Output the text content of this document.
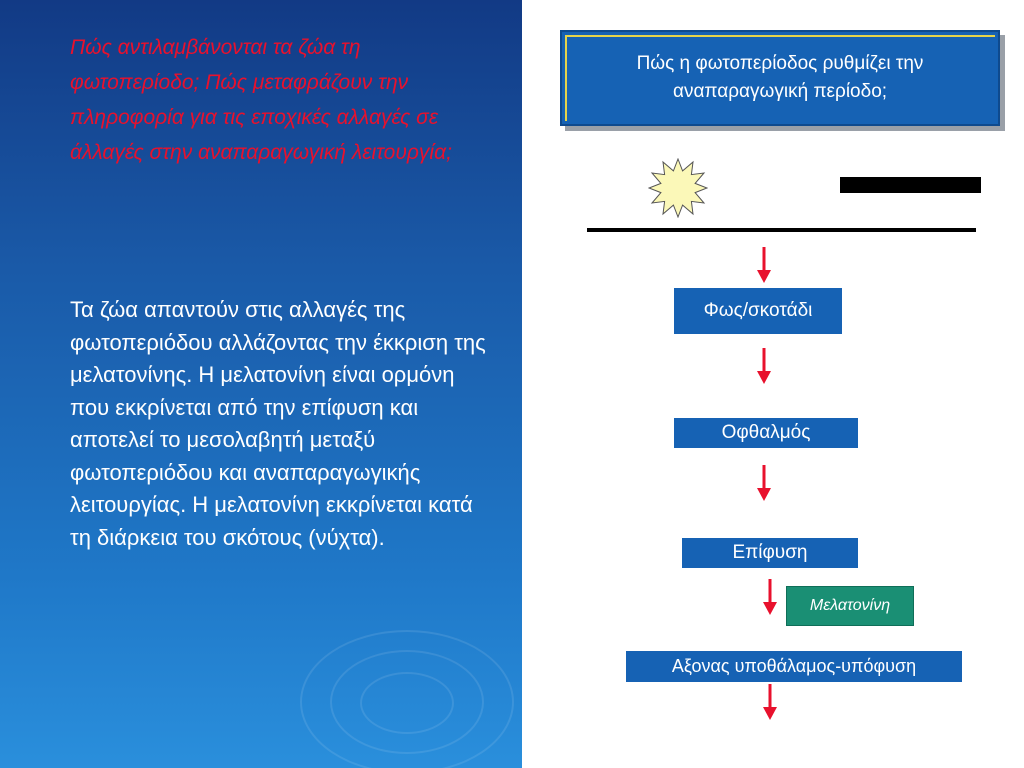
Πώς αντιλαμβάνονται τα ζώα τη φωτοπερίοδο; Πώς μεταφράζουν την πληροφορία για τις εποχικές αλλαγές σε άλλαγές στην αναπαραγωγική λειτουργία;

Τα ζώα απαντούν στις αλλαγές της φωτοπεριόδου αλλάζοντας την έκκριση της μελατονίνης. Η μελατονίνη είναι ορμόνη που εκκρίνεται από την επίφυση και αποτελεί το μεσολαβητή μεταξύ φωτοπεριόδου και αναπαραγωγικής λειτουργίας. Η μελατονίνη εκκρίνεται κατά τη διάρκεια του σκότους (νύχτα).

Πώς η φωτοπερίοδος ρυθμίζει την αναπαραγωγική περίοδο;
Φως/σκοτάδι
Οφθαλμός
Επίφυση
Μελατονίνη
Αξονας υποθάλαμος-υπόφυση
